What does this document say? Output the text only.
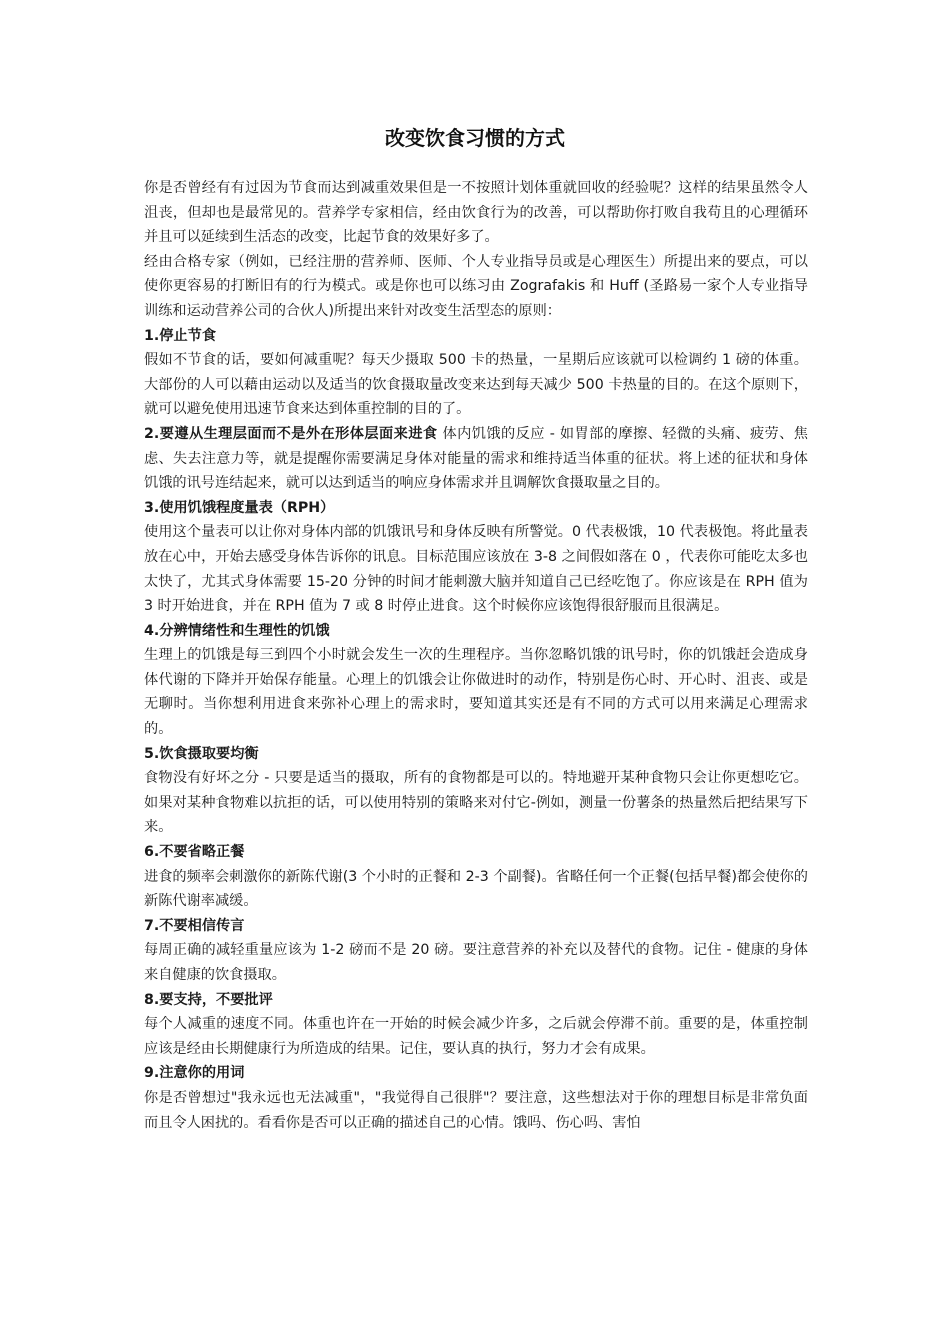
改变饮食习惯的方式

你是否曾经有有过因为节食而达到减重效果但是一不按照计划体重就回收的经验呢？这样的结果虽然令人沮丧，但却也是最常见的。营养学专家相信，经由饮食行为的改善，可以帮助你打败自我苟且的心理循环并且可以延续到生活态的改变，比起节食的效果好多了。

经由合格专家（例如，已经注册的营养师、医师、个人专业指导员或是心理医生）所提出来的要点，可以使你更容易的打断旧有的行为模式。或是你也可以练习由 Zografakis 和 Huff (圣路易一家个人专业指导训练和运动营养公司的合伙人)所提出来针对改变生活型态的原则：

1.停止节食

假如不节食的话，要如何减重呢？每天少摄取 500 卡的热量，一星期后应该就可以检调约 1 磅的体重。大部份的人可以藉由运动以及适当的饮食摄取量改变来达到每天减少 500 卡热量的目的。在这个原则下，就可以避免使用迅速节食来达到体重控制的目的了。

2.要遵从生理层面而不是外在形体层面来进食 体内饥饿的反应 - 如胃部的摩擦、轻微的头痛、疲劳、焦虑、失去注意力等，就是提醒你需要满足身体对能量的需求和维持适当体重的征状。将上述的征状和身体饥饿的讯号连结起来，就可以达到适当的响应身体需求并且调解饮食摄取量之目的。

3.使用饥饿程度量表（RPH）

使用这个量表可以让你对身体内部的饥饿讯号和身体反映有所警觉。0 代表极饿，10 代表极饱。将此量表放在心中，开始去感受身体告诉你的讯息。目标范围应该放在 3-8 之间假如落在 0 ，代表你可能吃太多也太快了，尤其式身体需要 15-20 分钟的时间才能刺激大脑并知道自己已经吃饱了。你应该是在 RPH 值为 3 时开始进食，并在 RPH 值为 7 或 8 时停止进食。这个时候你应该饱得很舒服而且很满足。

4.分辨情绪性和生理性的饥饿

生理上的饥饿是每三到四个小时就会发生一次的生理程序。当你忽略饥饿的讯号时，你的饥饿赶会造成身体代谢的下降并开始保存能量。心理上的饥饿会让你做进时的动作，特别是伤心时、开心时、沮丧、或是无聊时。当你想利用进食来弥补心理上的需求时，要知道其实还是有不同的方式可以用来满足心理需求的。

5.饮食摄取要均衡

食物没有好坏之分 - 只要是适当的摄取，所有的食物都是可以的。特地避开某种食物只会让你更想吃它。如果对某种食物难以抗拒的话，可以使用特别的策略来对付它-例如，测量一份薯条的热量然后把结果写下来。

6.不要省略正餐

进食的频率会刺激你的新陈代谢(3 个小时的正餐和 2-3 个副餐)。省略任何一个正餐(包括早餐)都会使你的新陈代谢率减缓。

7.不要相信传言

每周正确的减轻重量应该为 1-2 磅而不是 20 磅。要注意营养的补充以及替代的食物。记住 - 健康的身体来自健康的饮食摄取。

8.要支持，不要批评

每个人减重的速度不同。体重也许在一开始的时候会减少许多，之后就会停滞不前。重要的是，体重控制应该是经由长期健康行为所造成的结果。记住，要认真的执行，努力才会有成果。

9.注意你的用词

你是否曾想过"我永远也无法减重"，"我觉得自己很胖"？要注意，这些想法对于你的理想目标是非常负面而且令人困扰的。看看你是否可以正确的描述自己的心情。饿吗、伤心吗、害怕
